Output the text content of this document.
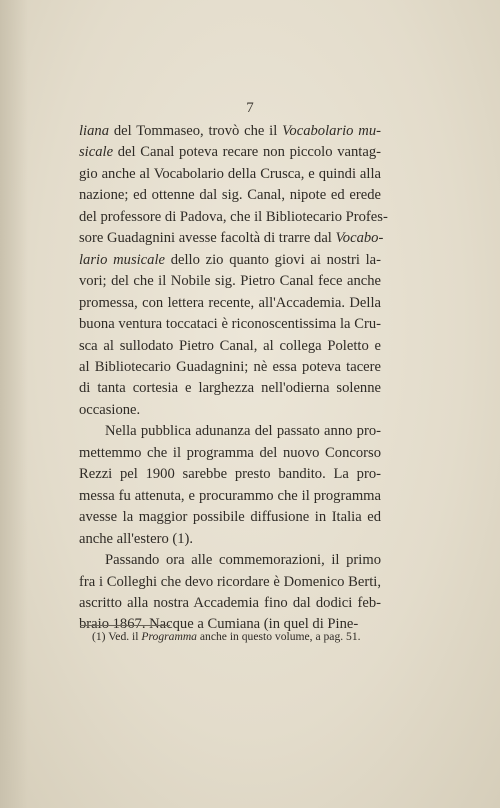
7
liana del Tommaseo, trovò che il Vocabolario mu-
sicale del Canal poteva recare non piccolo vantag-
gio anche al Vocabolario della Crusca, e quindi alla
nazione; ed ottenne dal sig. Canal, nipote ed erede
del professore di Padova, che il Bibliotecario Profes-
sore Guadagnini avesse facoltà di trarre dal Vocabo-
lario musicale dello zio quanto giovi ai nostri la-
vori; del che il Nobile sig. Pietro Canal fece anche
promessa, con lettera recente, all'Accademia. Della
buona ventura toccataci è riconoscentissima la Cru-
sca al sullodato Pietro Canal, al collega Poletto e
al Bibliotecario Guadagnini; nè essa poteva tacere
di tanta cortesia e larghezza nell'odierna solenne
occasione.
Nella pubblica adunanza del passato anno pro-
mettemmo che il programma del nuovo Concorso
Rezzi pel 1900 sarebbe presto bandito. La pro-
messa fu attenuta, e procurammo che il programma
avesse la maggior possibile diffusione in Italia ed
anche all'estero (1).
Passando ora alle commemorazioni, il primo
fra i Colleghi che devo ricordare è Domenico Berti,
ascritto alla nostra Accademia fino dal dodici feb-
braio 1867. Nacque a Cumiana (in quel di Pine-
(1) Ved. il Programma anche in questo volume, a pag. 51.
